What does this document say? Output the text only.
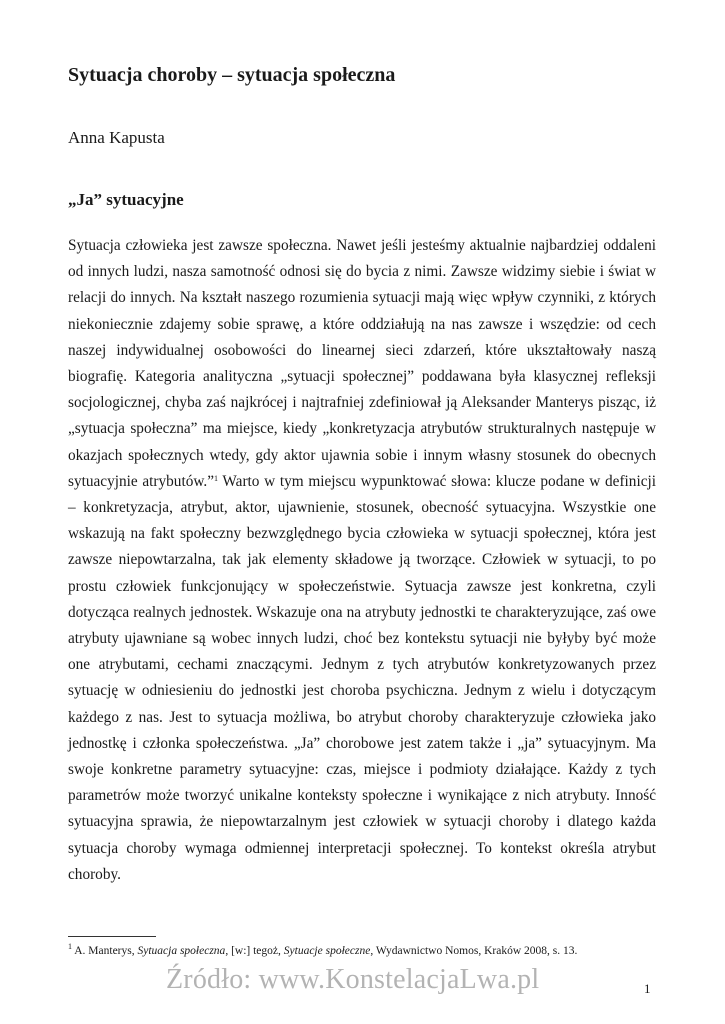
Sytuacja choroby – sytuacja społeczna

Anna Kapusta

„Ja” sytuacyjne

Sytuacja człowieka jest zawsze społeczna. Nawet jeśli jesteśmy aktualnie najbardziej oddaleni od innych ludzi, nasza samotność odnosi się do bycia z nimi. Zawsze widzimy siebie i świat w relacji do innych. Na kształt naszego rozumienia sytuacji mają więc wpływ czynniki, z których niekoniecznie zdajemy sobie sprawę, a które oddziałują na nas zawsze i wszędzie: od cech naszej indywidualnej osobowości do linearnej sieci zdarzeń, które ukształtowały naszą biografię. Kategoria analityczna „sytuacji społecznej” poddawana była klasycznej refleksji socjologicznej, chyba zaś najkrócej i najtrafniej zdefiniował ją Aleksander Manterys pisząc, iż „sytuacja społeczna” ma miejsce, kiedy „konkretyzacja atrybutów strukturalnych następuje w okazjach społecznych wtedy, gdy aktor ujawnia sobie i innym własny stosunek do obecnych sytuacyjnie atrybutów.”$^1$ Warto w tym miejscu wypunktować słowa: klucze podane w definicji – konkretyzacja, atrybut, aktor, ujawnienie, stosunek, obecność sytuacyjna. Wszystkie one wskazują na fakt społeczny bezwzględnego bycia człowieka w sytuacji społecznej, która jest zawsze niepowtarzalna, tak jak elementy składowe ją tworzące. Człowiek w sytuacji, to po prostu człowiek funkcjonujący w społeczeństwie. Sytuacja zawsze jest konkretna, czyli dotycząca realnych jednostek. Wskazuje ona na atrybuty jednostki te charakteryzujące, zaś owe atrybuty ujawniane są wobec innych ludzi, choć bez kontekstu sytuacji nie byłyby być może one atrybutami, cechami znaczącymi. Jednym z tych atrybutów konkretyzowanych przez sytuację w odniesieniu do jednostki jest choroba psychiczna. Jednym z wielu i dotyczącym każdego z nas. Jest to sytuacja możliwa, bo atrybut choroby charakteryzuje człowieka jako jednostkę i członka społeczeństwa. „Ja” chorobowe jest zatem także i „ja” sytuacyjnym. Ma swoje konkretne parametry sytuacyjne: czas, miejsce i podmioty działające. Każdy z tych parametrów może tworzyć unikalne konteksty społeczne i wynikające z nich atrybuty. Inność sytuacyjna sprawia, że niepowtarzalnym jest człowiek w sytuacji choroby i dlatego każda sytuacja choroby wymaga odmiennej interpretacji społecznej. To kontekst określa atrybut choroby.

$^1$ A. Manterys, Sytuacja społeczna, [w:] tegoż, Sytuacje społeczne, Wydawnictwo Nomos, Kraków 2008, s. 13.

Źródło: www.KonstelacjaLwa.pl	1
